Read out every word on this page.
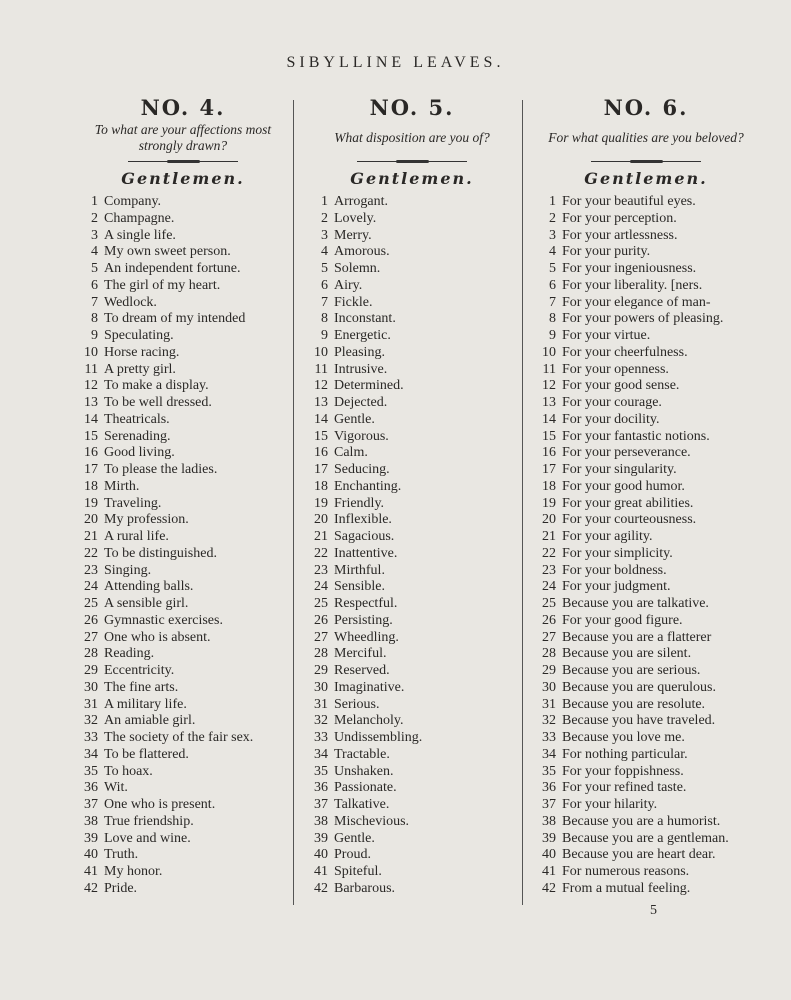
SIBYLLINE LEAVES.
NO. 4.
To what are your affections most strongly drawn?
Gentlemen.
1 Company.
2 Champagne.
3 A single life.
4 My own sweet person.
5 An independent fortune.
6 The girl of my heart.
7 Wedlock.
8 To dream of my intended
9 Speculating.
10 Horse racing.
11 A pretty girl.
12 To make a display.
13 To be well dressed.
14 Theatricals.
15 Serenading.
16 Good living.
17 To please the ladies.
18 Mirth.
19 Traveling.
20 My profession.
21 A rural life.
22 To be distinguished.
23 Singing.
24 Attending balls.
25 A sensible girl.
26 Gymnastic exercises.
27 One who is absent.
28 Reading.
29 Eccentricity.
30 The fine arts.
31 A military life.
32 An amiable girl.
33 The society of the fair sex.
34 To be flattered.
35 To hoax.
36 Wit.
37 One who is present.
38 True friendship.
39 Love and wine.
40 Truth.
41 My honor.
42 Pride.
NO. 5.
What disposition are you of?
Gentlemen.
1 Arrogant.
2 Lovely.
3 Merry.
4 Amorous.
5 Solemn.
6 Airy.
7 Fickle.
8 Inconstant.
9 Energetic.
10 Pleasing.
11 Intrusive.
12 Determined.
13 Dejected.
14 Gentle.
15 Vigorous.
16 Calm.
17 Seducing.
18 Enchanting.
19 Friendly.
20 Inflexible.
21 Sagacious.
22 Inattentive.
23 Mirthful.
24 Sensible.
25 Respectful.
26 Persisting.
27 Wheedling.
28 Merciful.
29 Reserved.
30 Imaginative.
31 Serious.
32 Melancholy.
33 Undissembling.
34 Tractable.
35 Unshaken.
36 Passionate.
37 Talkative.
38 Mischevious.
39 Gentle.
40 Proud.
41 Spiteful.
42 Barbarous.
NO. 6.
For what qualities are you beloved?
Gentlemen.
1 For your beautiful eyes.
2 For your perception.
3 For your artlessness.
4 For your purity.
5 For your ingeniousness.
6 For your liberality. [ners.
7 For your elegance of man-
8 For your powers of pleasing.
9 For your virtue.
10 For your cheerfulness.
11 For your openness.
12 For your good sense.
13 For your courage.
14 For your docility.
15 For your fantastic notions.
16 For your perseverance.
17 For your singularity.
18 For your good humor.
19 For your great abilities.
20 For your courteousness.
21 For your agility.
22 For your simplicity.
23 For your boldness.
24 For your judgment.
25 Because you are talkative.
26 For your good figure.
27 Because you are a flatterer
28 Because you are silent.
29 Because you are serious.
30 Because you are querulous.
31 Because you are resolute.
32 Because you have traveled.
33 Because you love me.
34 For nothing particular.
35 For your foppishness.
36 For your refined taste.
37 For your hilarity.
38 Because you are a humorist.
39 Because you are a gentleman.
40 Because you are heart dear.
41 For numerous reasons.
42 From a mutual feeling.
5
